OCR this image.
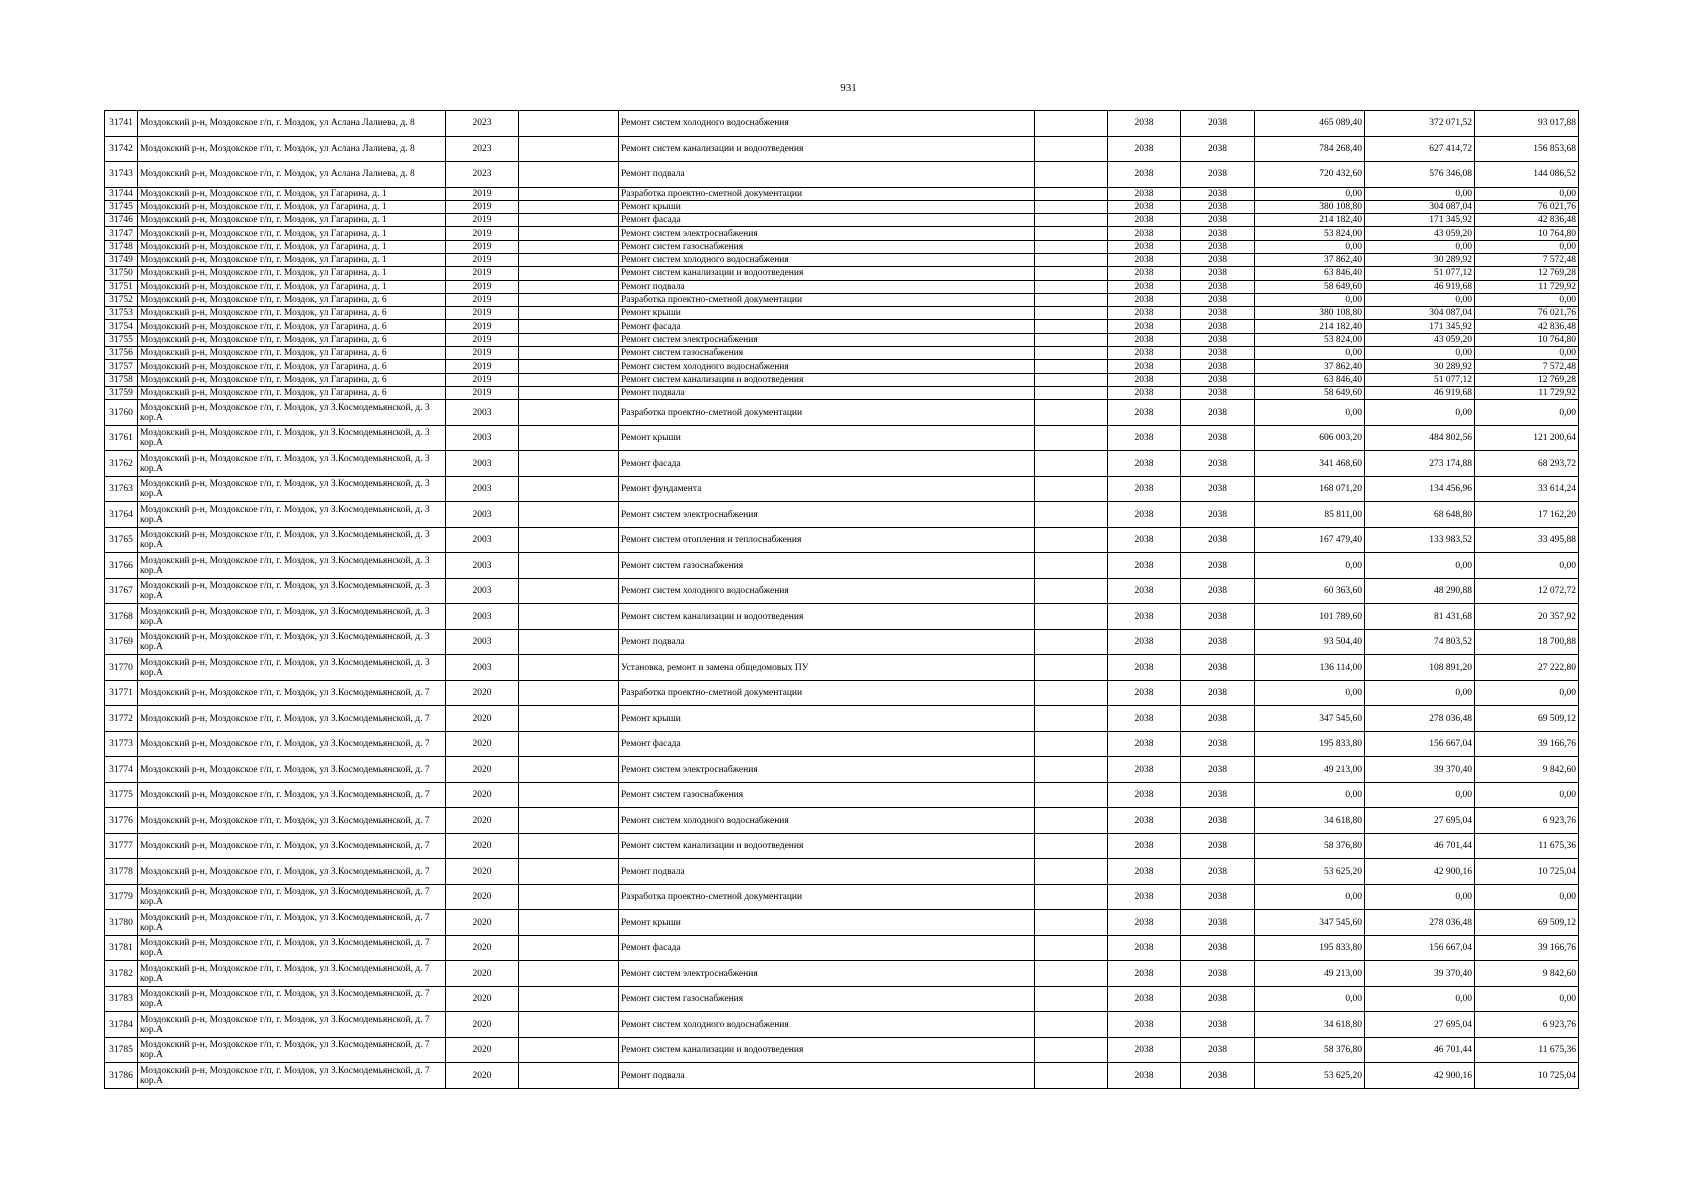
931
31741	Моздокский р-н, Моздокское г/п, г. Моздок, ул Аслана Лалиева, д. 8	2023		Ремонт систем холодного водоснабжения		2038	2038	465 089,40	372 071,52	93 017,88
31742	Моздокский р-н, Моздокское г/п, г. Моздок, ул Аслана Лалиева, д. 8	2023		Ремонт систем канализации и водоотведения		2038	2038	784 268,40	627 414,72	156 853,68
31743	Моздокский р-н, Моздокское г/п, г. Моздок, ул Аслана Лалиева, д. 8	2023		Ремонт подвала		2038	2038	720 432,60	576 346,08	144 086,52
31744	Моздокский р-н, Моздокское г/п, г. Моздок, ул Гагарина, д. 1	2019		Разработка проектно-сметной документации		2038	2038	0,00	0,00	0,00
31745	Моздокский р-н, Моздокское г/п, г. Моздок, ул Гагарина, д. 1	2019		Ремонт крыши		2038	2038	380 108,80	304 087,04	76 021,76
31746	Моздокский р-н, Моздокское г/п, г. Моздок, ул Гагарина, д. 1	2019		Ремонт фасада		2038	2038	214 182,40	171 345,92	42 836,48
31747	Моздокский р-н, Моздокское г/п, г. Моздок, ул Гагарина, д. 1	2019		Ремонт систем электроснабжения		2038	2038	53 824,00	43 059,20	10 764,80
31748	Моздокский р-н, Моздокское г/п, г. Моздок, ул Гагарина, д. 1	2019		Ремонт систем газоснабжения		2038	2038	0,00	0,00	0,00
31749	Моздокский р-н, Моздокское г/п, г. Моздок, ул Гагарина, д. 1	2019		Ремонт систем холодного водоснабжения		2038	2038	37 862,40	30 289,92	7 572,48
31750	Моздокский р-н, Моздокское г/п, г. Моздок, ул Гагарина, д. 1	2019		Ремонт систем канализации и водоотведения		2038	2038	63 846,40	51 077,12	12 769,28
31751	Моздокский р-н, Моздокское г/п, г. Моздок, ул Гагарина, д. 1	2019		Ремонт подвала		2038	2038	58 649,60	46 919,68	11 729,92
31752	Моздокский р-н, Моздокское г/п, г. Моздок, ул Гагарина, д. 6	2019		Разработка проектно-сметной документации		2038	2038	0,00	0,00	0,00
31753	Моздокский р-н, Моздокское г/п, г. Моздок, ул Гагарина, д. 6	2019		Ремонт крыши		2038	2038	380 108,80	304 087,04	76 021,76
31754	Моздокский р-н, Моздокское г/п, г. Моздок, ул Гагарина, д. 6	2019		Ремонт фасада		2038	2038	214 182,40	171 345,92	42 836,48
31755	Моздокский р-н, Моздокское г/п, г. Моздок, ул Гагарина, д. 6	2019		Ремонт систем электроснабжения		2038	2038	53 824,00	43 059,20	10 764,80
31756	Моздокский р-н, Моздокское г/п, г. Моздок, ул Гагарина, д. 6	2019		Ремонт систем газоснабжения		2038	2038	0,00	0,00	0,00
31757	Моздокский р-н, Моздокское г/п, г. Моздок, ул Гагарина, д. 6	2019		Ремонт систем холодного водоснабжения		2038	2038	37 862,40	30 289,92	7 572,48
31758	Моздокский р-н, Моздокское г/п, г. Моздок, ул Гагарина, д. 6	2019		Ремонт систем канализации и водоотведения		2038	2038	63 846,40	51 077,12	12 769,28
31759	Моздокский р-н, Моздокское г/п, г. Моздок, ул Гагарина, д. 6	2019		Ремонт подвала		2038	2038	58 649,60	46 919,68	11 729,92
31760	Моздокский р-н, Моздокское г/п, г. Моздок, ул З.Космодемьянской, д. 3 кор.А	2003		Разработка проектно-сметной документации		2038	2038	0,00	0,00	0,00
31761	Моздокский р-н, Моздокское г/п, г. Моздок, ул З.Космодемьянской, д. 3 кор.А	2003		Ремонт крыши		2038	2038	606 003,20	484 802,56	121 200,64
31762	Моздокский р-н, Моздокское г/п, г. Моздок, ул З.Космодемьянской, д. 3 кор.А	2003		Ремонт фасада		2038	2038	341 468,60	273 174,88	68 293,72
31763	Моздокский р-н, Моздокское г/п, г. Моздок, ул З.Космодемьянской, д. 3 кор.А	2003		Ремонт фундамента		2038	2038	168 071,20	134 456,96	33 614,24
31764	Моздокский р-н, Моздокское г/п, г. Моздок, ул З.Космодемьянской, д. 3 кор.А	2003		Ремонт систем электроснабжения		2038	2038	85 811,00	68 648,80	17 162,20
31765	Моздокский р-н, Моздокское г/п, г. Моздок, ул З.Космодемьянской, д. 3 кор.А	2003		Ремонт систем отопления и теплоснабжения		2038	2038	167 479,40	133 983,52	33 495,88
31766	Моздокский р-н, Моздокское г/п, г. Моздок, ул З.Космодемьянской, д. 3 кор.А	2003		Ремонт систем газоснабжения		2038	2038	0,00	0,00	0,00
31767	Моздокский р-н, Моздокское г/п, г. Моздок, ул З.Космодемьянской, д. 3 кор.А	2003		Ремонт систем холодного водоснабжения		2038	2038	60 363,60	48 290,88	12 072,72
31768	Моздокский р-н, Моздокское г/п, г. Моздок, ул З.Космодемьянской, д. 3 кор.А	2003		Ремонт систем канализации и водоотведения		2038	2038	101 789,60	81 431,68	20 357,92
31769	Моздокский р-н, Моздокское г/п, г. Моздок, ул З.Космодемьянской, д. 3 кор.А	2003		Ремонт подвала		2038	2038	93 504,40	74 803,52	18 700,88
31770	Моздокский р-н, Моздокское г/п, г. Моздок, ул З.Космодемьянской, д. 3 кор.А	2003		Установка, ремонт и замена общедомовых ПУ		2038	2038	136 114,00	108 891,20	27 222,80
31771	Моздокский р-н, Моздокское г/п, г. Моздок, ул З.Космодемьянской, д. 7	2020		Разработка проектно-сметной документации		2038	2038	0,00	0,00	0,00
31772	Моздокский р-н, Моздокское г/п, г. Моздок, ул З.Космодемьянской, д. 7	2020		Ремонт крыши		2038	2038	347 545,60	278 036,48	69 509,12
31773	Моздокский р-н, Моздокское г/п, г. Моздок, ул З.Космодемьянской, д. 7	2020		Ремонт фасада		2038	2038	195 833,80	156 667,04	39 166,76
31774	Моздокский р-н, Моздокское г/п, г. Моздок, ул З.Космодемьянской, д. 7	2020		Ремонт систем электроснабжения		2038	2038	49 213,00	39 370,40	9 842,60
31775	Моздокский р-н, Моздокское г/п, г. Моздок, ул З.Космодемьянской, д. 7	2020		Ремонт систем газоснабжения		2038	2038	0,00	0,00	0,00
31776	Моздокский р-н, Моздокское г/п, г. Моздок, ул З.Космодемьянской, д. 7	2020		Ремонт систем холодного водоснабжения		2038	2038	34 618,80	27 695,04	6 923,76
31777	Моздокский р-н, Моздокское г/п, г. Моздок, ул З.Космодемьянской, д. 7	2020		Ремонт систем канализации и водоотведения		2038	2038	58 376,80	46 701,44	11 675,36
31778	Моздокский р-н, Моздокское г/п, г. Моздок, ул З.Космодемьянской, д. 7	2020		Ремонт подвала		2038	2038	53 625,20	42 900,16	10 725,04
31779	Моздокский р-н, Моздокское г/п, г. Моздок, ул З.Космодемьянской, д. 7 кор.А	2020		Разработка проектно-сметной документации		2038	2038	0,00	0,00	0,00
31780	Моздокский р-н, Моздокское г/п, г. Моздок, ул З.Космодемьянской, д. 7 кор.А	2020		Ремонт крыши		2038	2038	347 545,60	278 036,48	69 509,12
31781	Моздокский р-н, Моздокское г/п, г. Моздок, ул З.Космодемьянской, д. 7 кор.А	2020		Ремонт фасада		2038	2038	195 833,80	156 667,04	39 166,76
31782	Моздокский р-н, Моздокское г/п, г. Моздок, ул З.Космодемьянской, д. 7 кор.А	2020		Ремонт систем электроснабжения		2038	2038	49 213,00	39 370,40	9 842,60
31783	Моздокский р-н, Моздокское г/п, г. Моздок, ул З.Космодемьянской, д. 7 кор.А	2020		Ремонт систем газоснабжения		2038	2038	0,00	0,00	0,00
31784	Моздокский р-н, Моздокское г/п, г. Моздок, ул З.Космодемьянской, д. 7 кор.А	2020		Ремонт систем холодного водоснабжения		2038	2038	34 618,80	27 695,04	6 923,76
31785	Моздокский р-н, Моздокское г/п, г. Моздок, ул З.Космодемьянской, д. 7 кор.А	2020		Ремонт систем канализации и водоотведения		2038	2038	58 376,80	46 701,44	11 675,36
31786	Моздокский р-н, Моздокское г/п, г. Моздок, ул З.Космодемьянской, д. 7 кор.А	2020		Ремонт подвала		2038	2038	53 625,20	42 900,16	10 725,04
